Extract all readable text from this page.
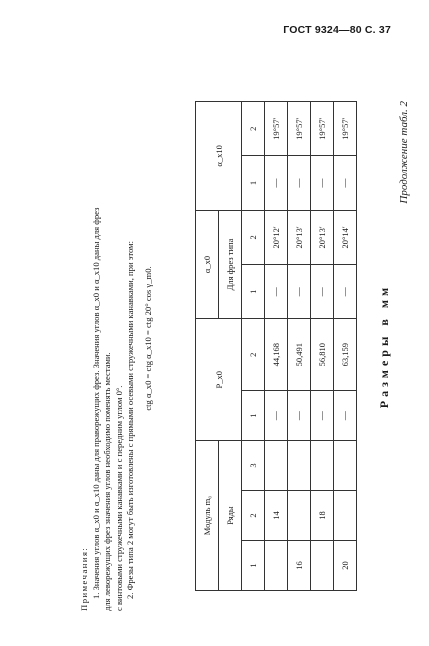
ГОСТ 9324—80 С. 37
Продолжение табл. 2
Размеры в мм
Модуль m₀			P_x0		α_x0		α_x10	
Ряды					Для фрез типа			

1	2	3	1	2	1	2	1	2
	14		—	44,168	—	20°12′	—	19°57′
16			—	50,491	—	20°13′	—	19°57′
	18		—	56,810	—	20°13′	—	19°57′
20			—	63,159	—	20°14′	—	19°57′

Примечания: 1. Значения углов α_x0 и α_x10 даны для праворежущих фрез. Значения углов α_x0 и α_x10 даны для фрез для леворежущих фрез значения углов необходимо поменять местами. с винтовыми стружечными канавками и с передним углом 0°. 2. Фрезы типа 2 могут быть изготовлены с прямыми осевыми стружечными канавками, при этом: ctg α_x0 = ctg α_x10 = ctg 20° cos γ_m0.
